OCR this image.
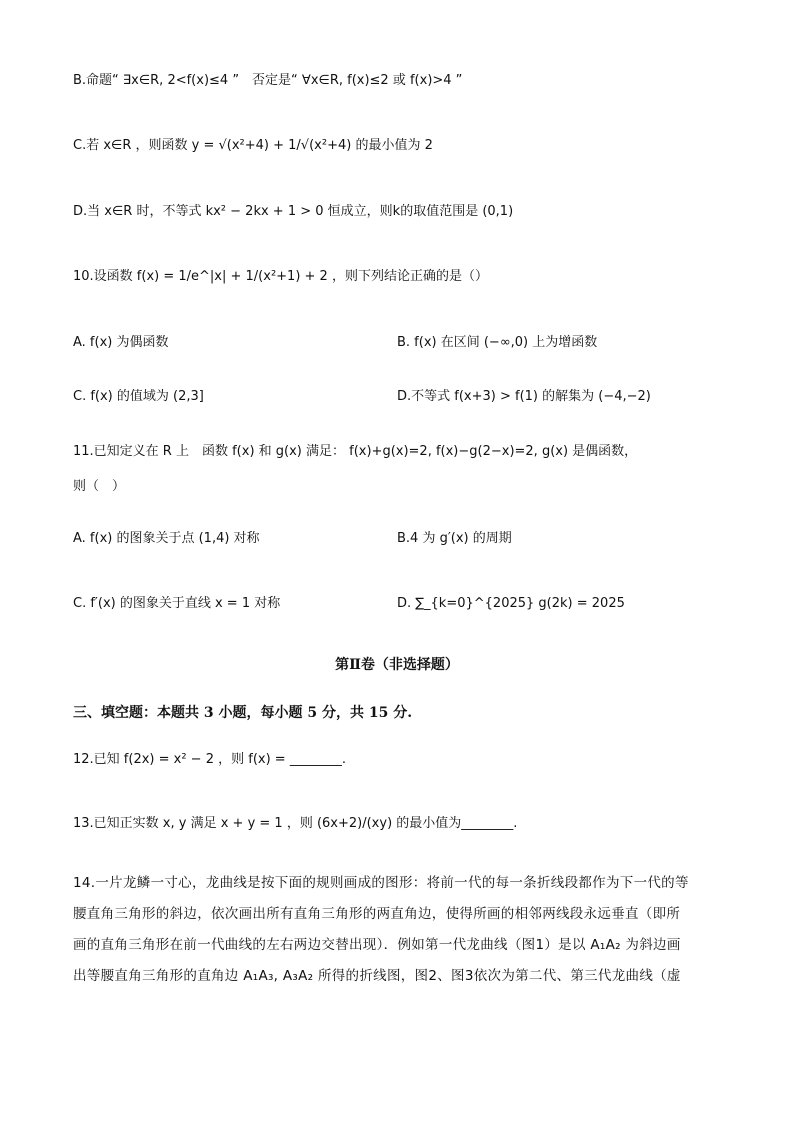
B.命题“ ∃x∈R, 2<f(x)≤4 ”　否定是“ ∀x∈R, f(x)≤2 或 f(x)>4 ”
C.若 x∈R ，则函数 y = √(x²+4) + 1/√(x²+4) 的最小值为 2
D.当 x∈R 时，不等式 kx² − 2kx + 1 > 0 恒成立，则k的取值范围是 (0,1)
10.设函数 f(x) = 1/e^|x| + 1/(x²+1) + 2 ，则下列结论正确的是（）
A. f(x) 为偶函数	B. f(x) 在区间 (−∞,0) 上为增函数
C. f(x) 的值域为 (2,3]	D.不等式 f(x+3) > f(1) 的解集为 (−4,−2)
11.已知定义在 R 上　函数 f(x) 和 g(x) 满足： f(x)+g(x)=2, f(x)−g(2−x)=2, g(x) 是偶函数，
则（　）
A. f(x) 的图象关于点 (1,4) 对称	B.4 为 g′(x) 的周期
C. f′(x) 的图象关于直线 x = 1 对称	D. ∑_{k=0}^{2025} g(2k) = 2025
第Ⅱ卷（非选择题）
三、填空题：本题共 3 小题，每小题 5 分，共 15 分.
12.已知 f(2x) = x² − 2 ，则 f(x) = ________.
13.已知正实数 x, y 满足 x + y = 1 ，则 (6x+2)/(xy) 的最小值为________.
14.一片龙鳞一寸心，龙曲线是按下面的规则画成的图形：将前一代的每一条折线段都作为下一代的等
腰直角三角形的斜边，依次画出所有直角三角形的两直角边，使得所画的相邻两线段永远垂直（即所
画的直角三角形在前一代曲线的左右两边交替出现）．例如第一代龙曲线（图1）是以 A₁A₂ 为斜边画
出等腰直角三角形的直角边 A₁A₃, A₃A₂ 所得的折线图，图2、图3依次为第二代、第三代龙曲线（虚
